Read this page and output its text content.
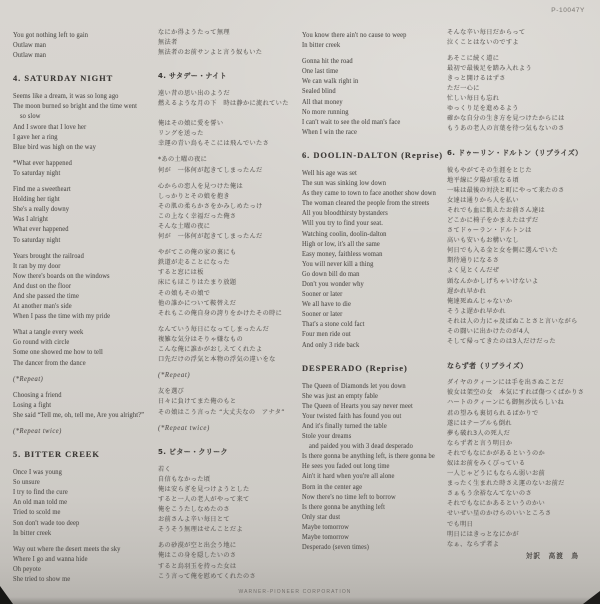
P-10047Y
You got nothing left to gain	なにか得ようたって無理
Outlaw man	無法者
Outlaw man	無法者のお前サンよと言う奴もいた
4. SATURDAY NIGHT	4. サタデー・ナイト
Seems like a dream, it was so long ago	遠い昔の思い出のようだ
The moon burned so bright and the time went	燃えるような月の下　時は静かに流れていた
so slow
And I swore that I love her	俺はその娘に愛を誓い
I gave her a ring	リングを送った
Blue bird was high on the way	幸運の青い鳥もそこには飛んでいたさ
*What ever happened	*あの土曜の夜に
To saturday night	何が　一体何が起きてしまったんだ
Find me a sweetheart	心からの恋人を見つけた俺は
Holding her tight	しっかりとその娘を抱き
She's a really downy	その肌の柔らかさをかみしめたっけ
Was I alright	この上なく幸福だった俺さ
What ever happened	そんな土曜の夜に
To saturday night	何が　一体何が起きてしまったんだ
Years brought the railroad	やがてこの俺の家の裏にも
It ran by my door	鉄道が走ることになった
Now there's boards on the windows	すると窓には板
And dust on the floor	床にもほこりはたまり放題
And she passed the time	その娘もその娘で
At another man's side	他の誰かについて鞍替えだ
When I pass the time with my pride	それもこの俺自身の誇りをかけたその時に
What a tangle every week	なんていう毎日になってしまったんだ
Go round with circle	複雑な気分はそりゃ嫌なもの
Some one showed me how to tell	こんな俺に誰かがおしえてくれたよ
The dancer from the dance	口先だけの浮気と本物の浮気の違いをな
(*Repeat)	(*Repeat)
Choosing a friend	友を選び
Losing a fight	日々に負けてまた俺のもと
She said “Tell me, oh, tell me, Are you alright?” その娘はこう言った “大丈夫なの　アナタ”
(*Repeat twice)	(*Repeat twice)
5. BITTER CREEK	5. ビター・クリーク
Once I was young	若く
So unsure	自信もなかった頃
I try to find the cure	俺は安らぎを見つけようとした
An old man told me	すると一人の老人がやって来て
Tried to scold me	俺をこうたしなめたのさ
Son don't wade too deep	お前さんよ辛い毎日とて
In bitter creek	そうそう無理はせんことだよ
Way out where the desert meets the sky	あの砂漠が空と出会う地に
Where I go and wanna hide	俺はこの身を隠したいのさ
Oh peyote	すると烏羽玉を持った女は
She tried to show me	こう言って俺を慰めてくれたのさ
You know there ain't no cause to weep	そんな辛い毎日だからって
In bitter creek	泣くことはないのですよ
Gonna hit the road	あそこに続く道に
One last time	最初で最後足を踏み入れよう
We can walk right in	きっと開けるはずさ
Sealed blind	ただ一心に
All that money	忙しい毎日も忘れ
No more running	ゆっくり足を進めるよう
I can't wait to see the old man's face	確かな自分の生き方を見つけたからには
When I win the race	もうあの老人の言葉を待つ気もないのさ
6. DOOLIN-DALTON (Reprise) 6. ドゥーリン・ドルトン（リプライズ）
Well his age was set	彼もやがてその生涯をとじた
The sun was sinking low down	地平線に夕陽が重なる頃
As they came to town to face another show down 一味は最後の対決と町にやって来たのさ
The woman cleared the people from the streets	女達は通りから人を払い
All you bloodthirsty bystanders	それでも血に飢えたお前さん達は
Will you try to find your seat.	どこかに椅子をかまえたはずだ
Watching coolin, doolin-dalton	さてドゥーラン・ドルトンは
High or low, it's all the same	高いも安いもお構いなし
Easy money, faithless woman	何日でも入る金と女を側に選んでいた
You will never kill a thing	期待通りになるさ
Go down bill do man	よく見とくんだぜ
Don't you wonder why	頭なんかかしげちゃいけないよ
Sooner or later	遅かれ早かれ
We all have to die	俺達死ぬんじゃないか
Sooner or later	そうよ遅かれ早かれ
That's a stone cold fact	それは人の力にゃ及ばぬことさと言いながら
Four men ride out	その闘いに出かけたのが4人
And only 3 ride back	そして帰ってきたのは3人だけだった
DESPERADO (Reprise)	ならず者（リプライズ）
The Queen of Diamonds let you down	ダイヤのクィーンには手を出さぬことだ
She was just an empty fable	彼女は架空の女　本気にすれば傷つくばかりさ
The Queen of Hearts you say never meet	ハートのクィーンにも御無沙汰らしいね
Your twisted faith has found you out	君の望みも裏切られるばかりで
And it's finally turned the table	遂にはテーブルも倒れ
Stole your dreams	夢も破れ3人の死人だ
and paided you with 3 dead desperado	ならず者と言う明日か
Is there gonna be anything left, is there gonna be それでもなにかがあるというのか
He sees you faded out long time	奴はお前をみくびっている
Ain't it hard when you're all alone	一人じゃどうにもならん弱いお前
Born in the center age	まったく生まれた時さえ運のないお前だ
Now there's no time left to borrow	さぁもう余裕なんてないのさ
Is there gonna be anything left	それでもなにかあるというのかい
Only star dust	せいぜい星のかけらのいいところさ
Maybe tomorrow	でも明日
Maybe tomorrow	明日にはきっとなにかが
Desperado (seven times)	なぁ、ならず者よ
対訳　高渡　鳥
WARNER-PIONEER CORPORATION
